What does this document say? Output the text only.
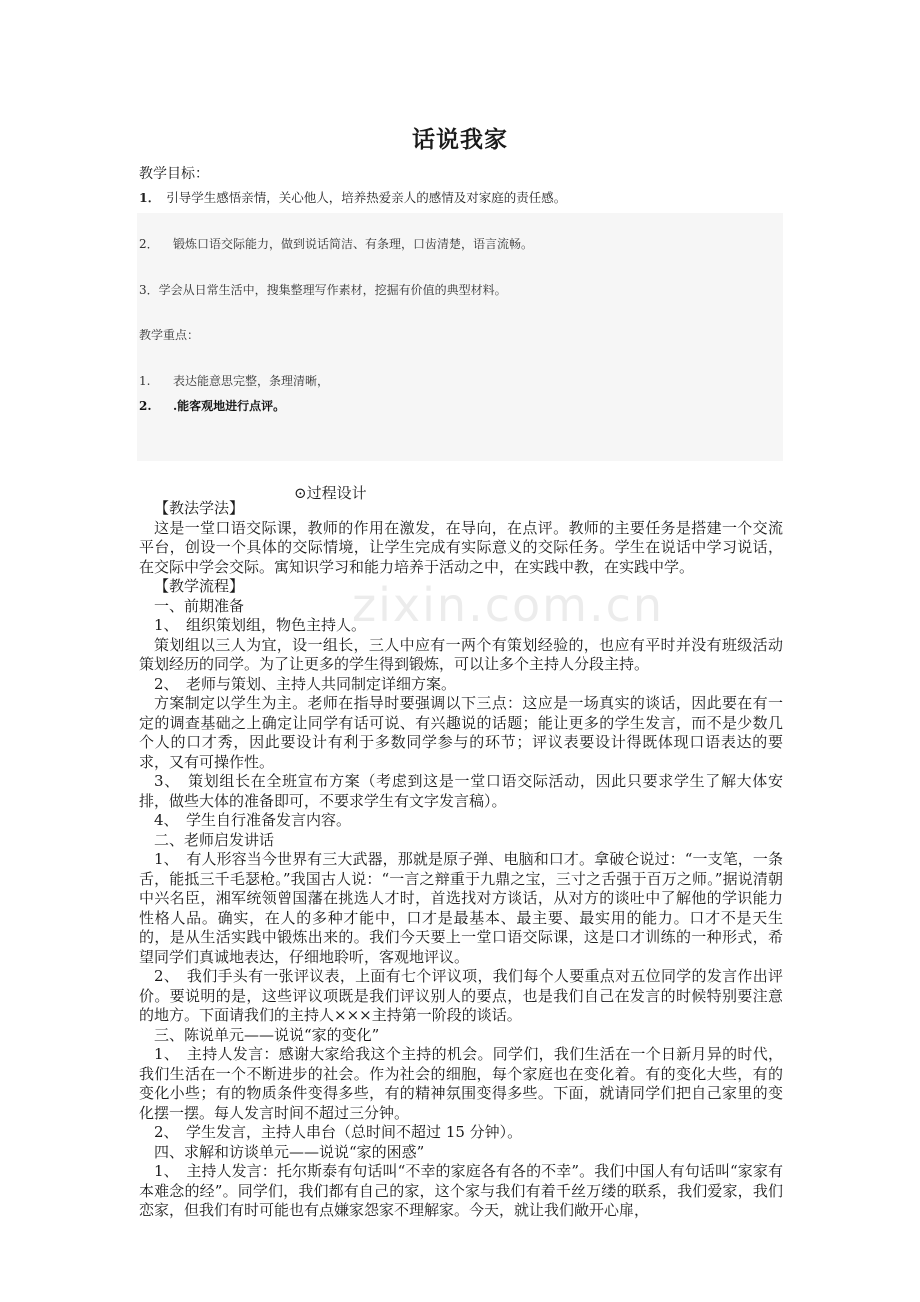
话说我家
教学目标：
1． 引导学生感悟亲情，关心他人，培养热爱亲人的感情及对家庭的责任感。
2． 锻炼口语交际能力，做到说话简洁、有条理，口齿清楚，语言流畅。
3．学会从日常生活中，搜集整理写作素材，挖掘有价值的典型材料。
教学重点：
1. 表达能意思完整，条理清晰，
2. .能客观地进行点评。
⊙过程设计
zixin.com.cn

【教法学法】

这是一堂口语交际课，教师的作用在激发，在导向，在点评。教师的主要任务是搭建一个交流平台，创设一个具体的交际情境，让学生完成有实际意义的交际任务。学生在说话中学习说话，在交际中学会交际。寓知识学习和能力培养于活动之中，在实践中教，在实践中学。

【教学流程】

一、前期准备

1、　组织策划组，物色主持人。

策划组以三人为宜，设一组长，三人中应有一两个有策划经验的，也应有平时并没有班级活动策划经历的同学。为了让更多的学生得到锻炼，可以让多个主持人分段主持。

2、　老师与策划、主持人共同制定详细方案。

方案制定以学生为主。老师在指导时要强调以下三点：这应是一场真实的谈话，因此要在有一定的调查基础之上确定让同学有话可说、有兴趣说的话题；能让更多的学生发言，而不是少数几个人的口才秀，因此要设计有利于多数同学参与的环节；评议表要设计得既体现口语表达的要求，又有可操作性。

3、　策划组长在全班宣布方案（考虑到这是一堂口语交际活动，因此只要求学生了解大体安排，做些大体的准备即可，不要求学生有文字发言稿）。

4、　学生自行准备发言内容。

二、老师启发讲话

1、　有人形容当今世界有三大武器，那就是原子弹、电脑和口才。拿破仑说过：“一支笔，一条舌，能抵三千毛瑟枪。”我国古人说：“一言之辩重于九鼎之宝，三寸之舌强于百万之师。”据说清朝中兴名臣，湘军统领曾国藩在挑选人才时，首选找对方谈话，从对方的谈吐中了解他的学识能力性格人品。确实，在人的多种才能中，口才是最基本、最主要、最实用的能力。口才不是天生的，是从生活实践中锻炼出来的。我们今天要上一堂口语交际课，这是口才训练的一种形式，希望同学们真诚地表达，仔细地聆听，客观地评议。

2、　我们手头有一张评议表，上面有七个评议项，我们每个人要重点对五位同学的发言作出评价。要说明的是，这些评议项既是我们评议别人的要点，也是我们自己在发言的时候特别要注意的地方。下面请我们的主持人×××主持第一阶段的谈话。

三、陈说单元——说说“家的变化”

1、　主持人发言：感谢大家给我这个主持的机会。同学们，我们生活在一个日新月异的时代，我们生活在一个不断进步的社会。作为社会的细胞，每个家庭也在变化着。有的变化大些，有的变化小些；有的物质条件变得多些，有的精神氛围变得多些。下面，就请同学们把自己家里的变化摆一摆。每人发言时间不超过三分钟。

2、　学生发言，主持人串台（总时间不超过 15 分钟）。

四、求解和访谈单元——说说“家的困惑”

1、　主持人发言：托尔斯泰有句话叫“不幸的家庭各有各的不幸”。我们中国人有句话叫“家家有本难念的经”。同学们，我们都有自己的家，这个家与我们有着千丝万缕的联系，我们爱家，我们恋家，但我们有时可能也有点嫌家怨家不理解家。今天，就让我们敞开心扉，
